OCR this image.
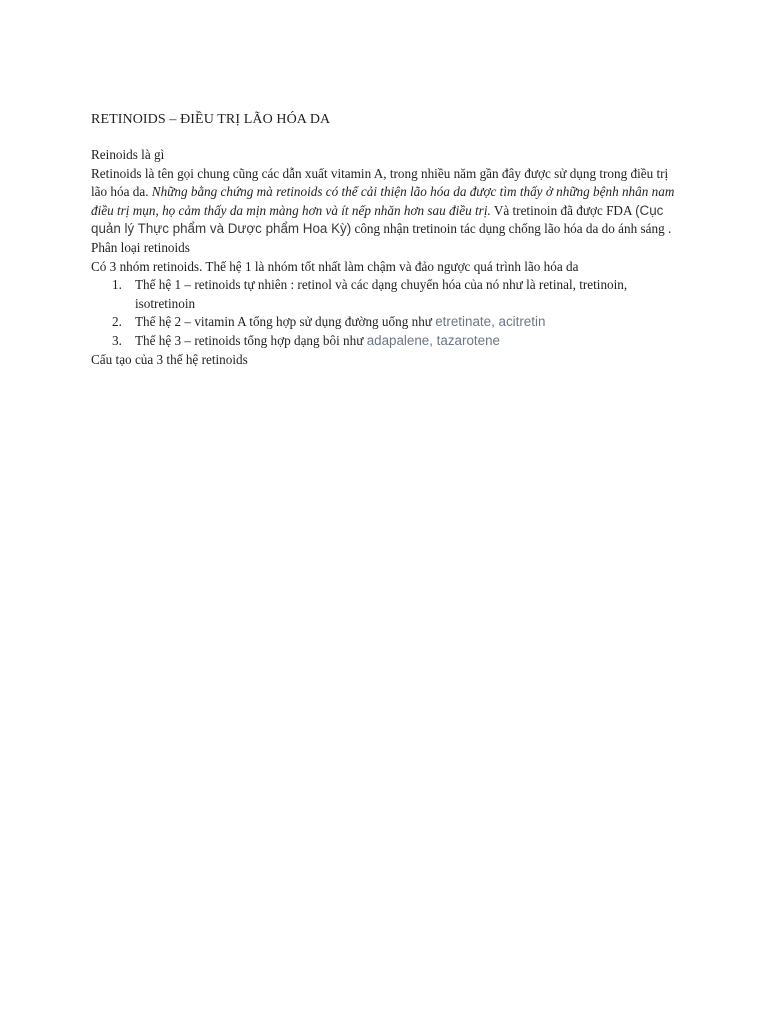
RETINOIDS – ĐIỀU TRỊ LÃO HÓA DA

Reinoids là gì

Retinoids là tên gọi chung cũng các dẫn xuất vitamin A, trong nhiều năm gần đây được sử dụng trong điều trị lão hóa da. Những bằng chứng mà retinoids có thể cải thiện lão hóa da được tìm thấy ở những bệnh nhân nam điều trị mụn, họ cảm thấy da mịn màng hơn và ít nếp nhăn hơn sau điều trị. Và tretinoin đã được FDA (Cục quản lý Thực phẩm và Dược phẩm Hoa Kỳ) công nhận tretinoin tác dụng chống lão hóa da do ánh sáng .

Phân loại retinoids

Có 3 nhóm retinoids. Thế hệ 1 là nhóm tốt nhất làm chậm và đảo ngược quá trình lão hóa da

1. Thế hệ 1 – retinoids tự nhiên : retinol và các dạng chuyển hóa của nó như là retinal, tretinoin, isotretinoin
2. Thế hệ 2 – vitamin A tổng hợp sử dụng đường uống như etretinate, acitretin
3. Thế hệ 3 – retinoids tổng hợp dạng bôi như adapalene, tazarotene

Cấu tạo của 3 thế hệ retinoids
